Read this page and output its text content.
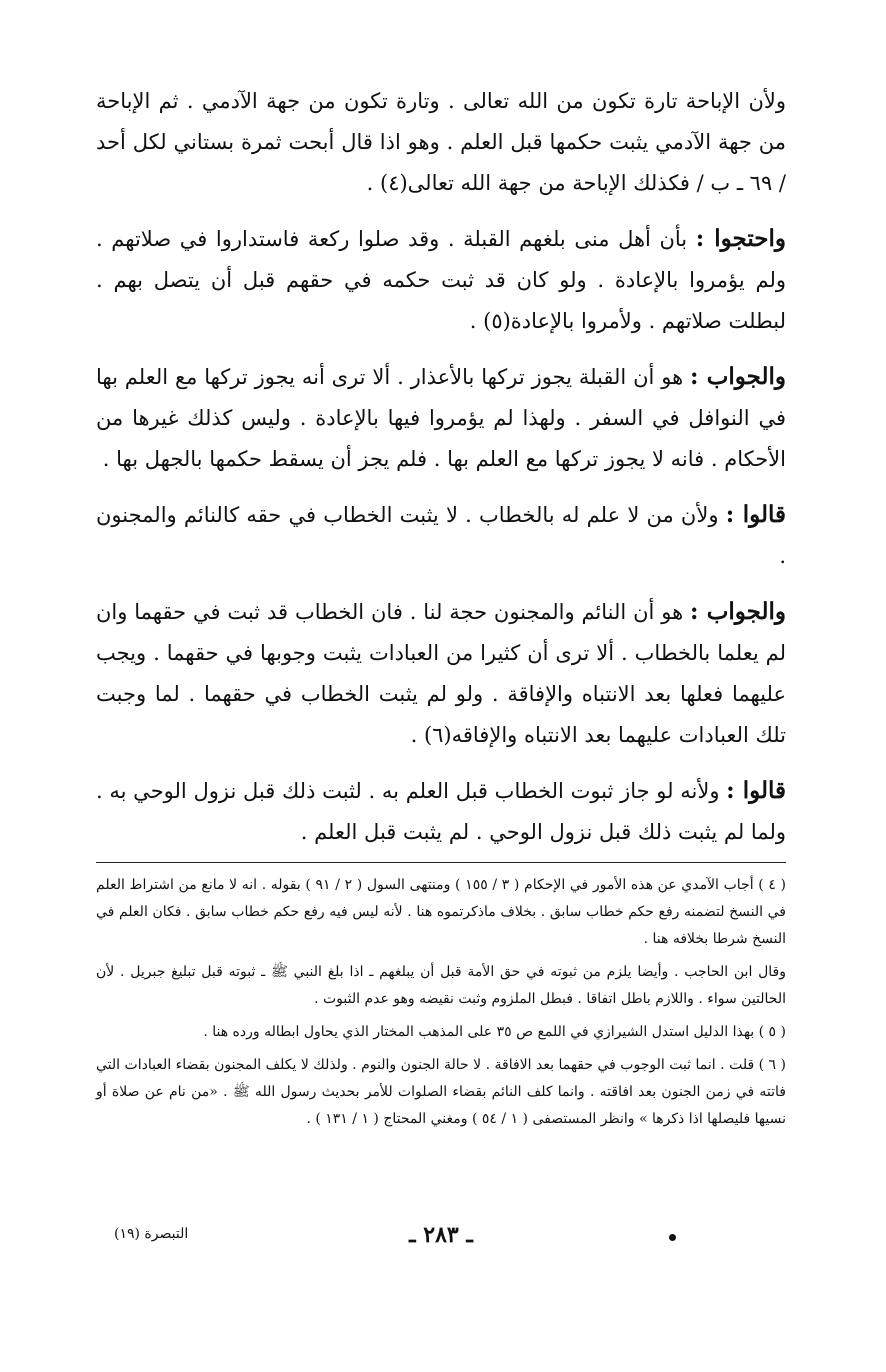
ولأن الإباحة تارة تكون من الله تعالى . وتارة تكون من جهة الآدمي . ثم الإباحة من جهة الآدمي يثبت حكمها قبل العلم . وهو اذا قال أبحت ثمرة بستاني لكل أحد / ٦٩ ـ ب / فكذلك الإباحة من جهة الله تعالى(٤) .

واحتجوا : بأن أهل منى بلغهم القبلة . وقد صلوا ركعة فاستداروا في صلاتهم . ولم يؤمروا بالإعادة . ولو كان قد ثبت حكمه في حقهم قبل أن يتصل بهم . لبطلت صلاتهم . ولأمروا بالإعادة(٥) .

والجواب : هو أن القبلة يجوز تركها بالأعذار . ألا ترى أنه يجوز تركها مع العلم بها في النوافل في السفر . ولهذا لم يؤمروا فيها بالإعادة . وليس كذلك غيرها من الأحكام . فانه لا يجوز تركها مع العلم بها . فلم يجز أن يسقط حكمها بالجهل بها .

قالوا : ولأن من لا علم له بالخطاب . لا يثبت الخطاب في حقه كالنائم والمجنون .

والجواب : هو أن النائم والمجنون حجة لنا . فان الخطاب قد ثبت في حقهما وان لم يعلما بالخطاب . ألا ترى أن كثيرا من العبادات يثبت وجوبها في حقهما . ويجب عليهما فعلها بعد الانتباه والإفاقة . ولو لم يثبت الخطاب في حقهما . لما وجبت تلك العبادات عليهما بعد الانتباه والإفاقه(٦) .

قالوا : ولأنه لو جاز ثبوت الخطاب قبل العلم به . لثبت ذلك قبل نزول الوحي به . ولما لم يثبت ذلك قبل نزول الوحي . لم يثبت قبل العلم .

( ٤ ) أجاب الآمدي عن هذه الأمور في الإحكام ( ٣ / ١٥٥ ) ومنتهى السول ( ٢ / ٩١ ) بقوله . انه لا مانع من اشتراط العلم في النسخ لتضمنه رفع حكم خطاب سابق . بخلاف ماذكرتموه هنا . لأنه ليس فيه رفع حكم خطاب سابق . فكان العلم في النسخ شرطا بخلافه هنا .

وقال ابن الحاجب . وأيضا يلزم من ثبوته في حق الأمة قبل أن يبلغهم ـ اذا بلغ النبي ﷺ ـ ثبوته قبل تبليغ جبريل . لأن الحالتين سواء . واللازم باطل اتفاقا . فبطل الملزوم وثبت نقيضه وهو عدم الثبوت .

( ٥ ) بهذا الدليل استدل الشيرازي في اللمع ص ٣٥ على المذهب المختار الذي يحاول ابطاله ورده هنا .

( ٦ ) قلت . انما ثبت الوجوب في حقهما بعد الافاقة . لا حالة الجنون والنوم . ولذلك لا يكلف المجنون بقضاء العبادات التي فاتته في زمن الجنون بعد افاقته . وانما كلف النائم بقضاء الصلوات للأمر بحديث رسول الله ﷺ . «من نام عن صلاة أو نسيها فليصلها اذا ذكرها » وانظر المستصفى ( ١ / ٥٤ ) ومغني المحتاج ( ١ / ١٣١ ) .

ـ ٢٨٣ ـ
التبصرة (١٩)
